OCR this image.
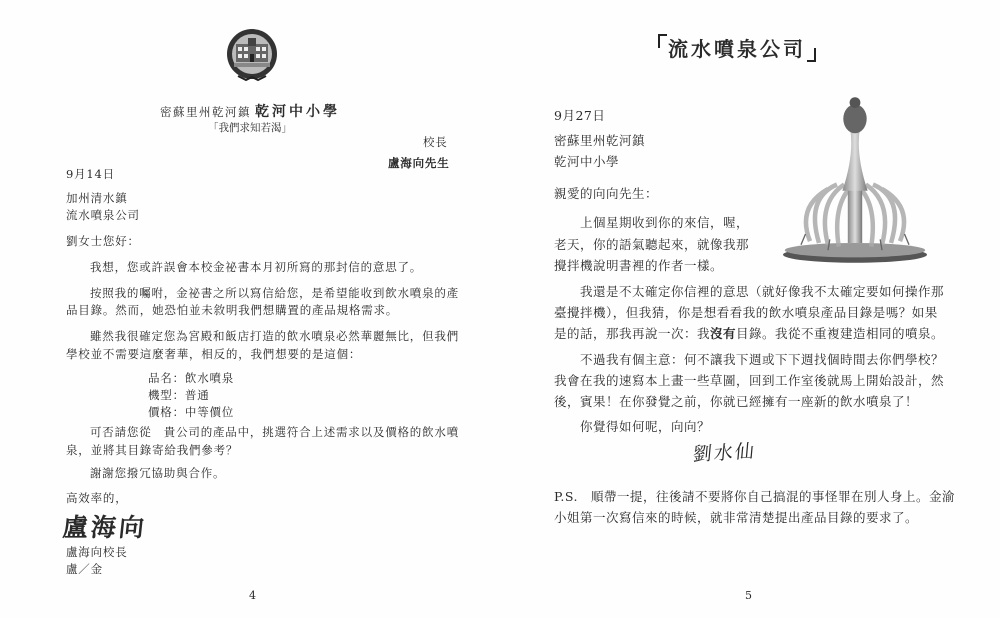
密蘇里州乾河鎮 乾河中小學
「我們求知若渴」
校長
盧海向先生
9月14日
加州清水鎮
流水噴泉公司
劉女士您好：
我想，您或許誤會本校金祕書本月初所寫的那封信的意思了。
按照我的囑咐，金祕書之所以寫信給您，是希望能收到飲水噴泉的產
品目錄。然而，她恐怕並未敘明我們想購置的產品規格需求。
雖然我很確定您為宮殿和飯店打造的飲水噴泉必然華麗無比，但我們
學校並不需要這麼奢華，相反的，我們想要的是這個：
品名：飲水噴泉
機型：普通
價格：中等價位
可否請您從　貴公司的產品中，挑選符合上述需求以及價格的飲水噴
泉，並將其目錄寄給我們參考？
謝謝您撥冗協助與合作。
高效率的，
盧海向
盧海向校長
盧／金
4
流水噴泉公司
9月27日
密蘇里州乾河鎮
乾河中小學
親愛的向向先生：
上個星期收到你的來信，喔，
老天，你的語氣聽起來，就像我那
攪拌機說明書裡的作者一樣。
我還是不太確定你信裡的意思（就好像我不太確定要如何操作那
臺攪拌機），但我猜，你是想看看我的飲水噴泉產品目錄是嗎？如果
是的話，那我再說一次：我沒有目錄。我從不重複建造相同的噴泉。
不過我有個主意：何不讓我下週或下下週找個時間去你們學校？
我會在我的速寫本上畫一些草圖，回到工作室後就馬上開始設計，然
後，賓果！在你發覺之前，你就已經擁有一座新的飲水噴泉了！
你覺得如何呢，向向？
劉水仙
P.S.　順帶一提，往後請不要將你自己搞混的事怪罪在別人身上。金渝
小姐第一次寫信來的時候，就非常清楚提出產品目錄的要求了。
5
